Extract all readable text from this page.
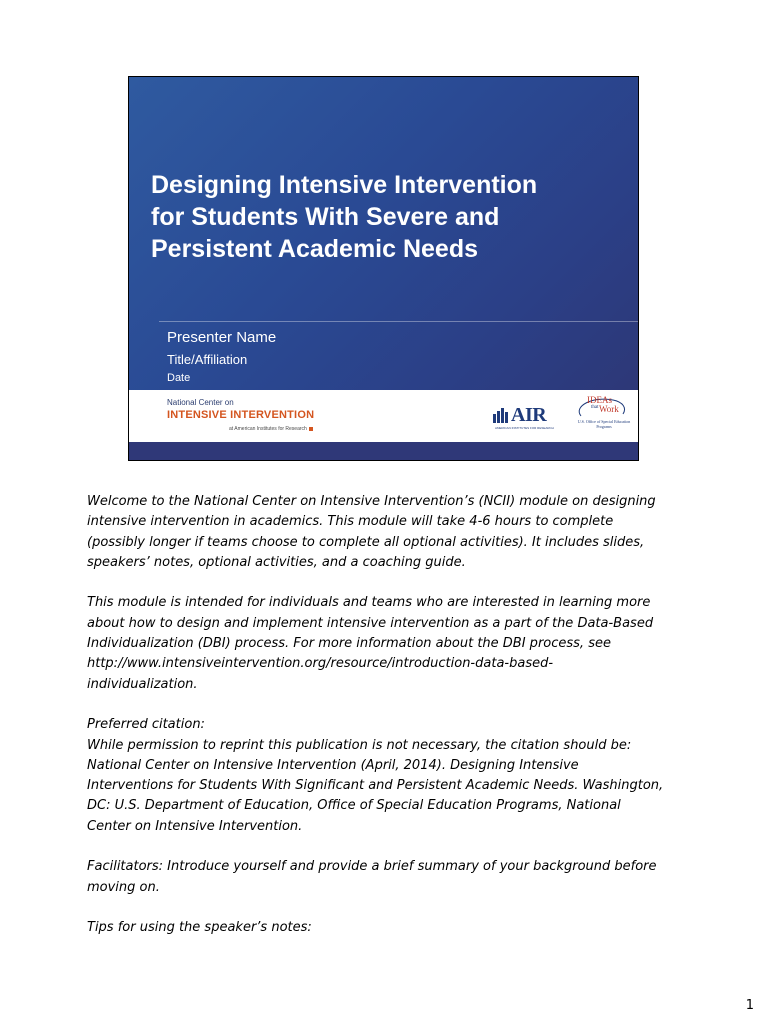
Designing Intensive Intervention
for Students With Severe and
Persistent Academic Needs
Presenter Name
Title/Affiliation
Date
National Center on
INTENSIVE INTERVENTION
at American Institutes for Research
AIR
AMERICAN INSTITUTES FOR RESEARCH
IDEAs
that Work
U.S. Office of Special Education Programs

Welcome to the National Center on Intensive Intervention’s (NCII) module on designing
intensive intervention in academics. This module will take 4-6 hours to complete
(possibly longer if teams choose to complete all optional activities). It includes slides,
speakers’ notes, optional activities, and a coaching guide.

This module is intended for individuals and teams who are interested in learning more
about how to design and implement intensive intervention as a part of the Data-Based
Individualization (DBI) process. For more information about the DBI process, see
http://www.intensiveintervention.org/resource/introduction-data-based-
individualization.

Preferred citation:
While permission to reprint this publication is not necessary, the citation should be:
National Center on Intensive Intervention (April, 2014). Designing Intensive
Interventions for Students With Significant and Persistent Academic Needs. Washington,
DC: U.S. Department of Education, Office of Special Education Programs, National
Center on Intensive Intervention.

Facilitators: Introduce yourself and provide a brief summary of your background before
moving on.

Tips for using the speaker’s notes:

1
